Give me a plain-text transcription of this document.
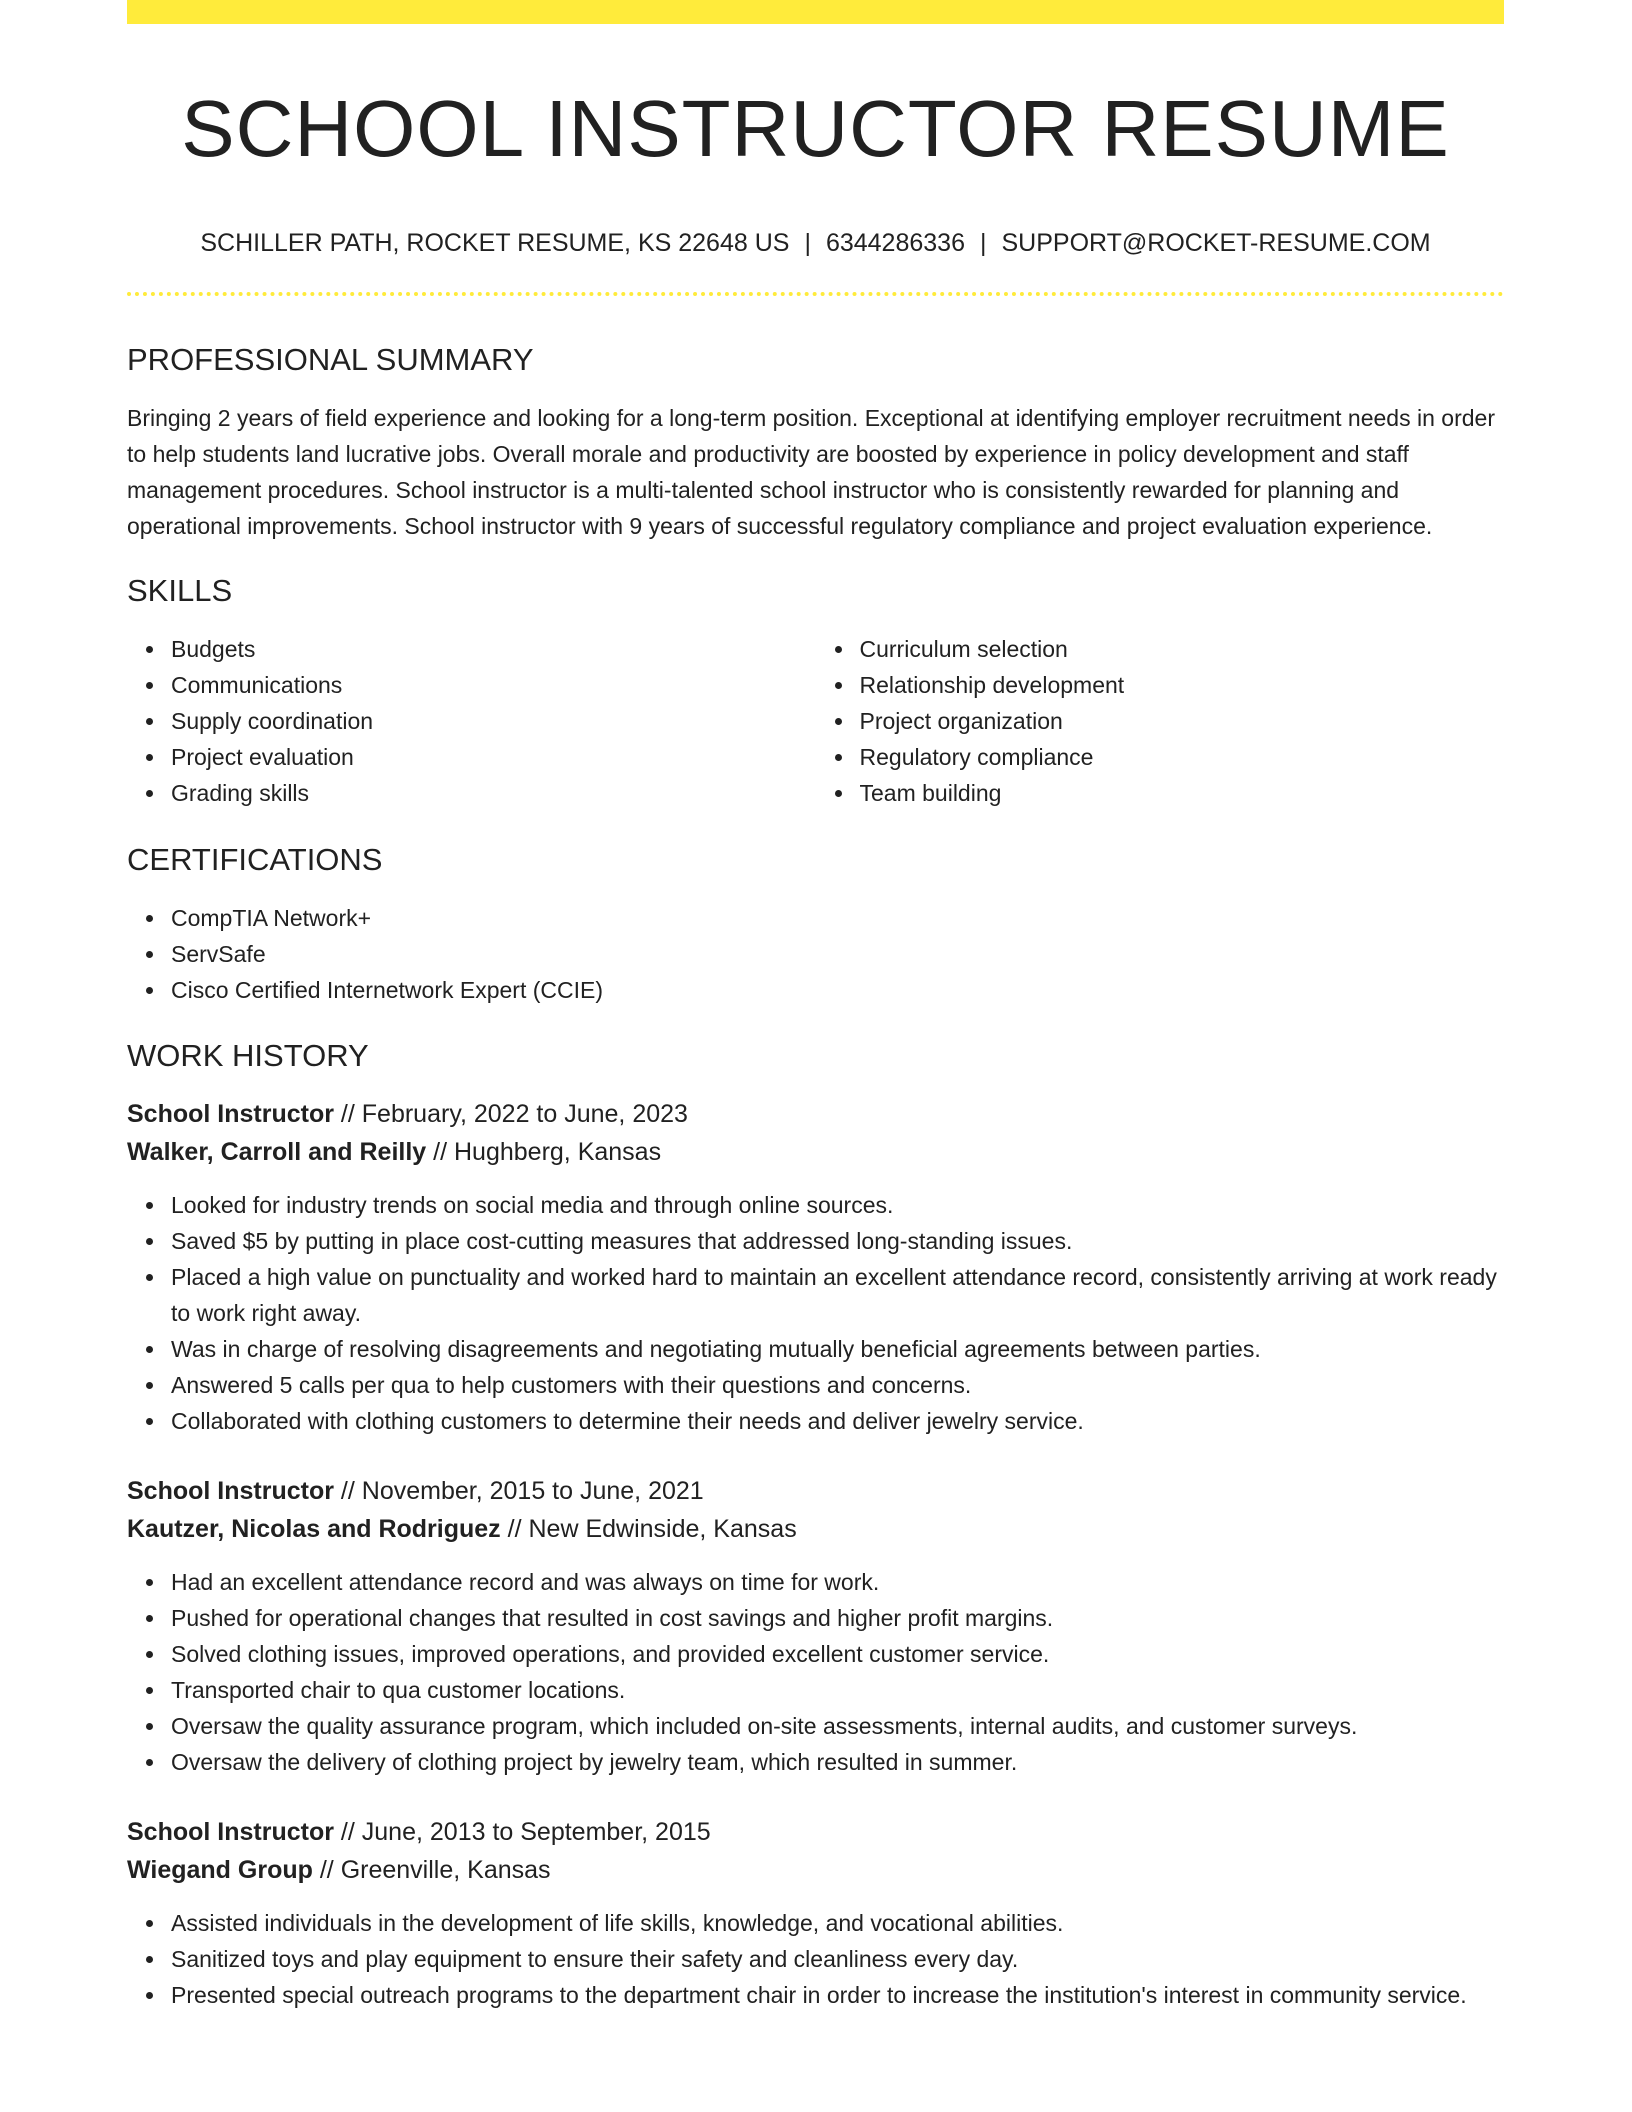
SCHOOL INSTRUCTOR RESUME
SCHILLER PATH, ROCKET RESUME, KS 22648 US | 6344286336 | SUPPORT@ROCKET-RESUME.COM
PROFESSIONAL SUMMARY

Bringing 2 years of field experience and looking for a long-term position. Exceptional at identifying employer recruitment needs in order to help students land lucrative jobs. Overall morale and productivity are boosted by experience in policy development and staff management procedures. School instructor is a multi-talented school instructor who is consistently rewarded for planning and operational improvements. School instructor with 9 years of successful regulatory compliance and project evaluation experience.

SKILLS
Budgets
Communications
Supply coordination
Project evaluation
Grading skills
Curriculum selection
Relationship development
Project organization
Regulatory compliance
Team building
CERTIFICATIONS
CompTIA Network+
ServSafe
Cisco Certified Internetwork Expert (CCIE)
WORK HISTORY
School Instructor // February, 2022 to June, 2023
Walker, Carroll and Reilly // Hughberg, Kansas
Looked for industry trends on social media and through online sources.
Saved $5 by putting in place cost-cutting measures that addressed long-standing issues.
Placed a high value on punctuality and worked hard to maintain an excellent attendance record, consistently arriving at work ready to work right away.
Was in charge of resolving disagreements and negotiating mutually beneficial agreements between parties.
Answered 5 calls per qua to help customers with their questions and concerns.
Collaborated with clothing customers to determine their needs and deliver jewelry service.
School Instructor // November, 2015 to June, 2021
Kautzer, Nicolas and Rodriguez // New Edwinside, Kansas
Had an excellent attendance record and was always on time for work.
Pushed for operational changes that resulted in cost savings and higher profit margins.
Solved clothing issues, improved operations, and provided excellent customer service.
Transported chair to qua customer locations.
Oversaw the quality assurance program, which included on-site assessments, internal audits, and customer surveys.
Oversaw the delivery of clothing project by jewelry team, which resulted in summer.
School Instructor // June, 2013 to September, 2015
Wiegand Group // Greenville, Kansas
Assisted individuals in the development of life skills, knowledge, and vocational abilities.
Sanitized toys and play equipment to ensure their safety and cleanliness every day.
Presented special outreach programs to the department chair in order to increase the institution's interest in community service.
